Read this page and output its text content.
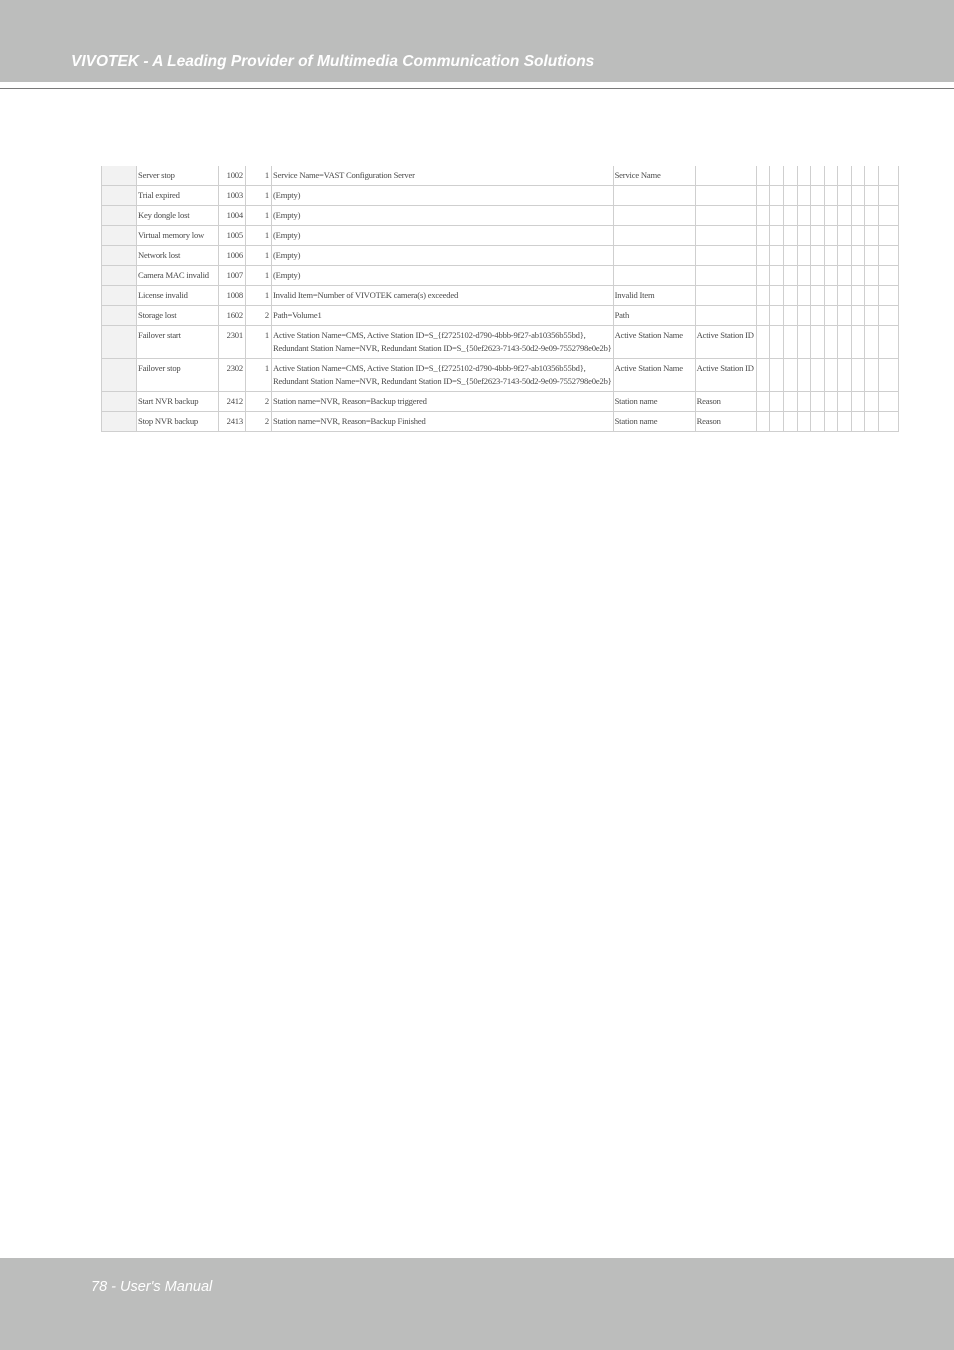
VIVOTEK - A Leading Provider of Multimedia Communication Solutions
	Server stop	1002	1	Service Name=VAST Configuration Server	Service Name											
	Trial expired	1003	1	(Empty)												

	Key dongle lost	1004	1	(Empty)												

	Virtual memory low	1005	1	(Empty)												

	Network lost	1006	1	(Empty)												

	Camera MAC invalid	1007	1	(Empty)												

	License invalid	1008	1	Invalid Item=Number of VIVOTEK camera(s) exceeded	Invalid Item											
	Storage lost	1602	2	Path=Volume1	Path											
	Failover start	2301	1	Active Station Name=CMS, Active Station ID=S_{f2725102-d790-4bbb-9f27-ab10356b55bd},
Redundant Station Name=NVR, Redundant Station ID=S_{50ef2623-7143-50d2-9e09-7552798e0e2b}	Active Station Name	Active Station ID										
	Failover stop	2302	1	Active Station Name=CMS, Active Station ID=S_{f2725102-d790-4bbb-9f27-ab10356b55bd},
Redundant Station Name=NVR, Redundant Station ID=S_{50ef2623-7143-50d2-9e09-7552798e0e2b}	Active Station Name	Active Station ID										
	Start NVR backup	2412	2	Station name=NVR, Reason=Backup triggered	Station name	Reason										
	Stop NVR backup	2413	2	Station name=NVR, Reason=Backup Finished	Station name	Reason										
78 - User's Manual
